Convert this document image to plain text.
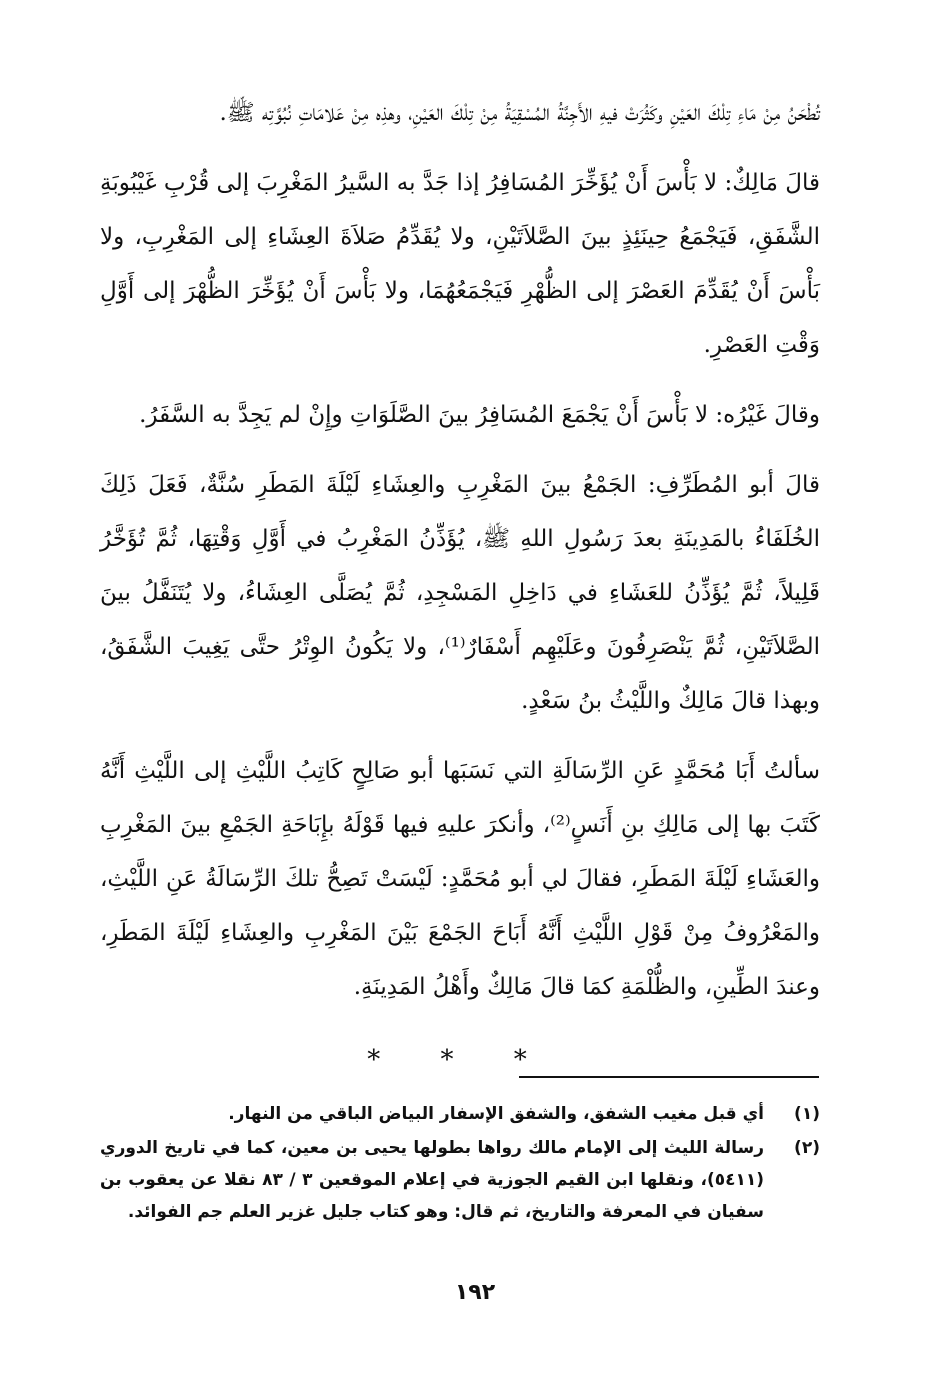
تُطْحَنُ مِنْ مَاءِ تِلْكَ العَيْنِ وكَثُرَتْ فيهِ الأَجِنَّةُ المُسْقِيَةُ مِنْ تِلْكَ العَيْنِ، وهذِه مِنْ عَلامَاتِ نُبُوَّتِه ﷺ.

قالَ مَالِكٌ: لا بَأْسَ أَنْ يُؤَخِّرَ المُسَافِرُ إذا جَدَّ به السَّيرُ المَغْرِبَ إلى قُرْبِ غَيْبُوبَةِ الشَّفَقِ، فَيَجْمَعُ حِينَئِذٍ بينَ الصَّلاَتَيْنِ، ولا يُقَدِّمُ صَلاَةَ العِشَاءِ إلى المَغْرِبِ، ولا بَأْسَ أَنْ يُقَدِّمَ العَصْرَ إلى الظُّهْرِ فَيَجْمَعُهُمَا، ولا بَأْسَ أَنْ يُؤَخِّرَ الظُّهْرَ إلى أَوَّلِ وَقْتِ العَصْرِ.

وقالَ غَيْرُه: لا بَأْسَ أَنْ يَجْمَعَ المُسَافِرُ بينَ الصَّلَوَاتِ وإِنْ لم يَجِدَّ به السَّفَرُ.

قالَ أبو المُطَرِّفِ: الجَمْعُ بينَ المَغْرِبِ والعِشَاءِ لَيْلَةَ المَطَرِ سُنَّةٌ، فَعَلَ ذَلِكَ الخُلَفَاءُ بالمَدِينَةِ بعدَ رَسُولِ اللهِ ﷺ، يُؤَذِّنُ المَغْرِبُ في أَوَّلِ وَقْتِهَا، ثُمَّ تُؤَخَّرُ قَلِيلاً، ثُمَّ يُؤَذِّنُ للعَشَاءِ في دَاخِلِ المَسْجِدِ، ثُمَّ يُصَلَّى العِشَاءُ، ولا يُتَنَفَّلُ بينَ الصَّلاَتَيْنِ، ثُمَّ يَنْصَرِفُونَ وعَلَيْهِم أَسْفَارٌ⁽¹⁾، ولا يَكُونُ الوِتْرُ حتَّى يَغِيبَ الشَّفَقُ، وبهذا قالَ مَالِكٌ واللَّيْثُ بنُ سَعْدٍ.

سألتُ أَبَا مُحَمَّدٍ عَنِ الرِّسَالَةِ التي نَسَبَها أبو صَالِحٍ كَاتِبُ اللَّيْثِ إلى اللَّيْثِ أَنَّهُ كَتَبَ بها إلى مَالِكِ بنِ أَنَسٍ⁽²⁾، وأنكرَ عليهِ فيها قَوْلَهُ بإِبَاحَةِ الجَمْعِ بينَ المَغْرِبِ والعَشَاءِ لَيْلَةَ المَطَرِ، فقالَ لي أبو مُحَمَّدٍ: لَيْسَتْ تَصِحُّ تلكَ الرِّسَالَةُ عَنِ اللَّيْثِ، والمَعْرُوفُ مِنْ قَوْلِ اللَّيْثِ أَنَّهُ أَبَاحَ الجَمْعَ بَيْنَ المَغْرِبِ والعِشَاءِ لَيْلَةَ المَطَرِ، وعندَ الطِّينِ، والظُّلْمَةِ كمَا قالَ مَالِكٌ وأَهْلُ المَدِينَةِ.

* * *
(١)
أي قبل مغيب الشفق، والشفق الإسفار البياض الباقي من النهار.
(٢)
رسالة الليث إلى الإمام مالك رواها بطولها يحيى بن معين، كما في تاريخ الدوري (٥٤١١)، ونقلها ابن القيم الجوزية في إعلام الموقعين ٣ / ٨٣ نقلا عن يعقوب بن سفيان في المعرفة والتاريخ، ثم قال: وهو كتاب جليل غزير العلم جم الفوائد.
١٩٢
